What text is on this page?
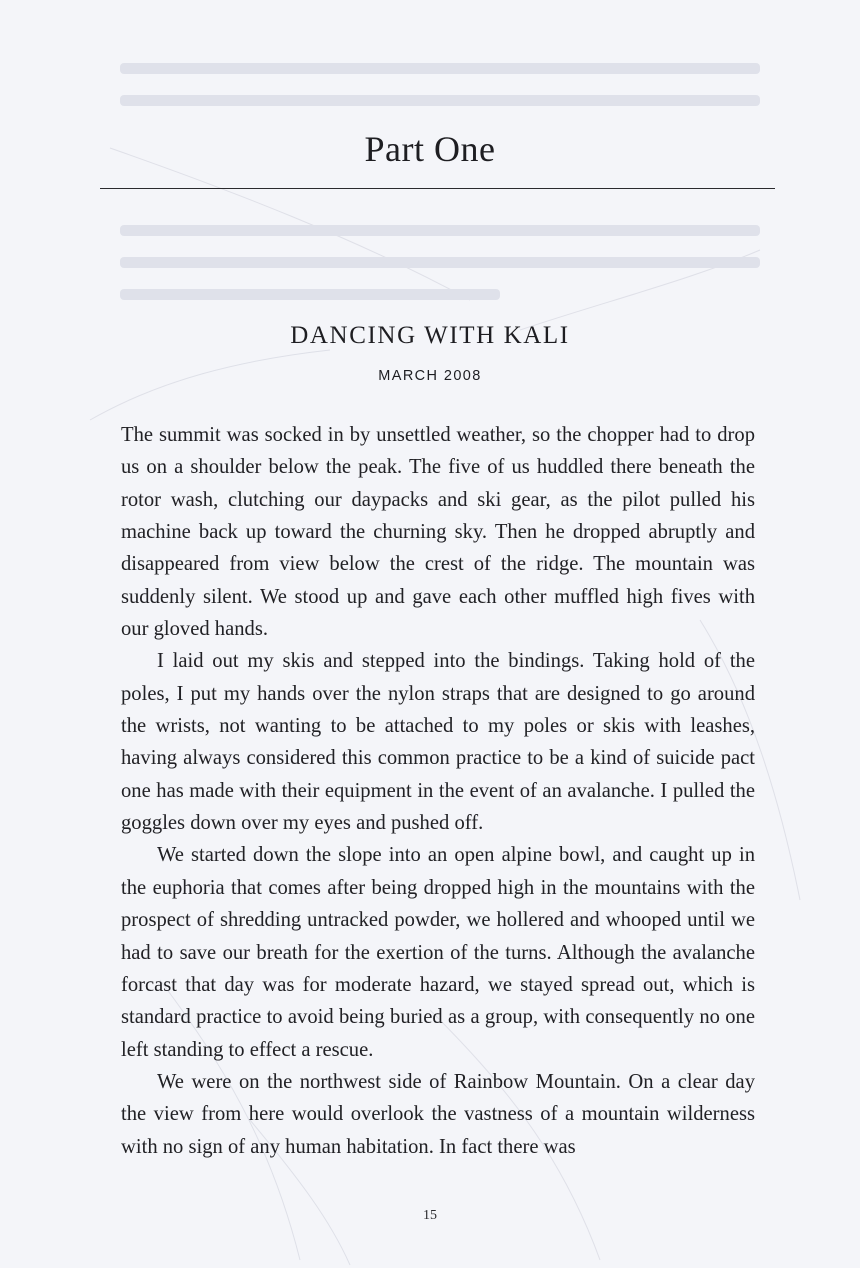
Part One
DANCING WITH KALI
MARCH 2008

The summit was socked in by unsettled weather, so the chopper had to drop us on a shoulder below the peak. The five of us huddled there beneath the rotor wash, clutching our daypacks and ski gear, as the pilot pulled his machine back up toward the churning sky. Then he dropped abruptly and disappeared from view below the crest of the ridge. The mountain was suddenly silent. We stood up and gave each other muffled high fives with our gloved hands.

I laid out my skis and stepped into the bindings. Taking hold of the poles, I put my hands over the nylon straps that are designed to go around the wrists, not wanting to be attached to my poles or skis with leashes, having always considered this common practice to be a kind of suicide pact one has made with their equipment in the event of an avalanche. I pulled the goggles down over my eyes and pushed off.

We started down the slope into an open alpine bowl, and caught up in the euphoria that comes after being dropped high in the mountains with the prospect of shredding untracked powder, we hollered and whooped until we had to save our breath for the exertion of the turns. Although the avalanche forcast that day was for moderate hazard, we stayed spread out, which is standard practice to avoid being buried as a group, with consequently no one left standing to effect a rescue.

We were on the northwest side of Rainbow Mountain. On a clear day the view from here would overlook the vastness of a mountain wilderness with no sign of any human habitation. In fact there was

15
